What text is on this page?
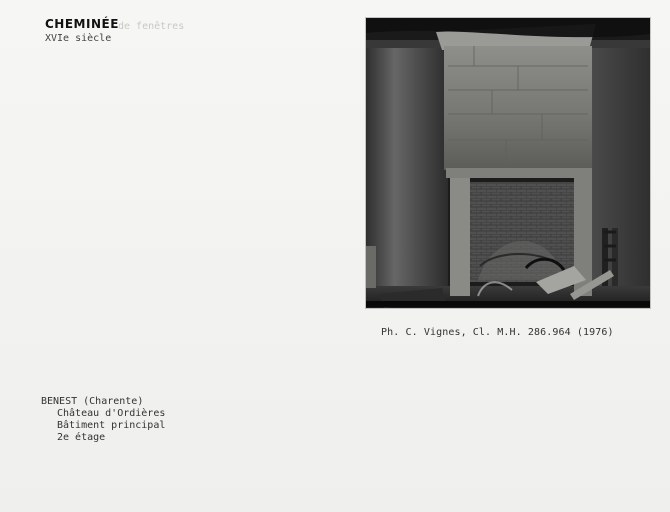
CHEMINÉE de fenêtres
XVIe siècle
Ph. C. Vignes, Cl. M.H. 286.964 (1976)
BENEST (Charente)
Château d'Ordières
Bâtiment principal
2e étage
